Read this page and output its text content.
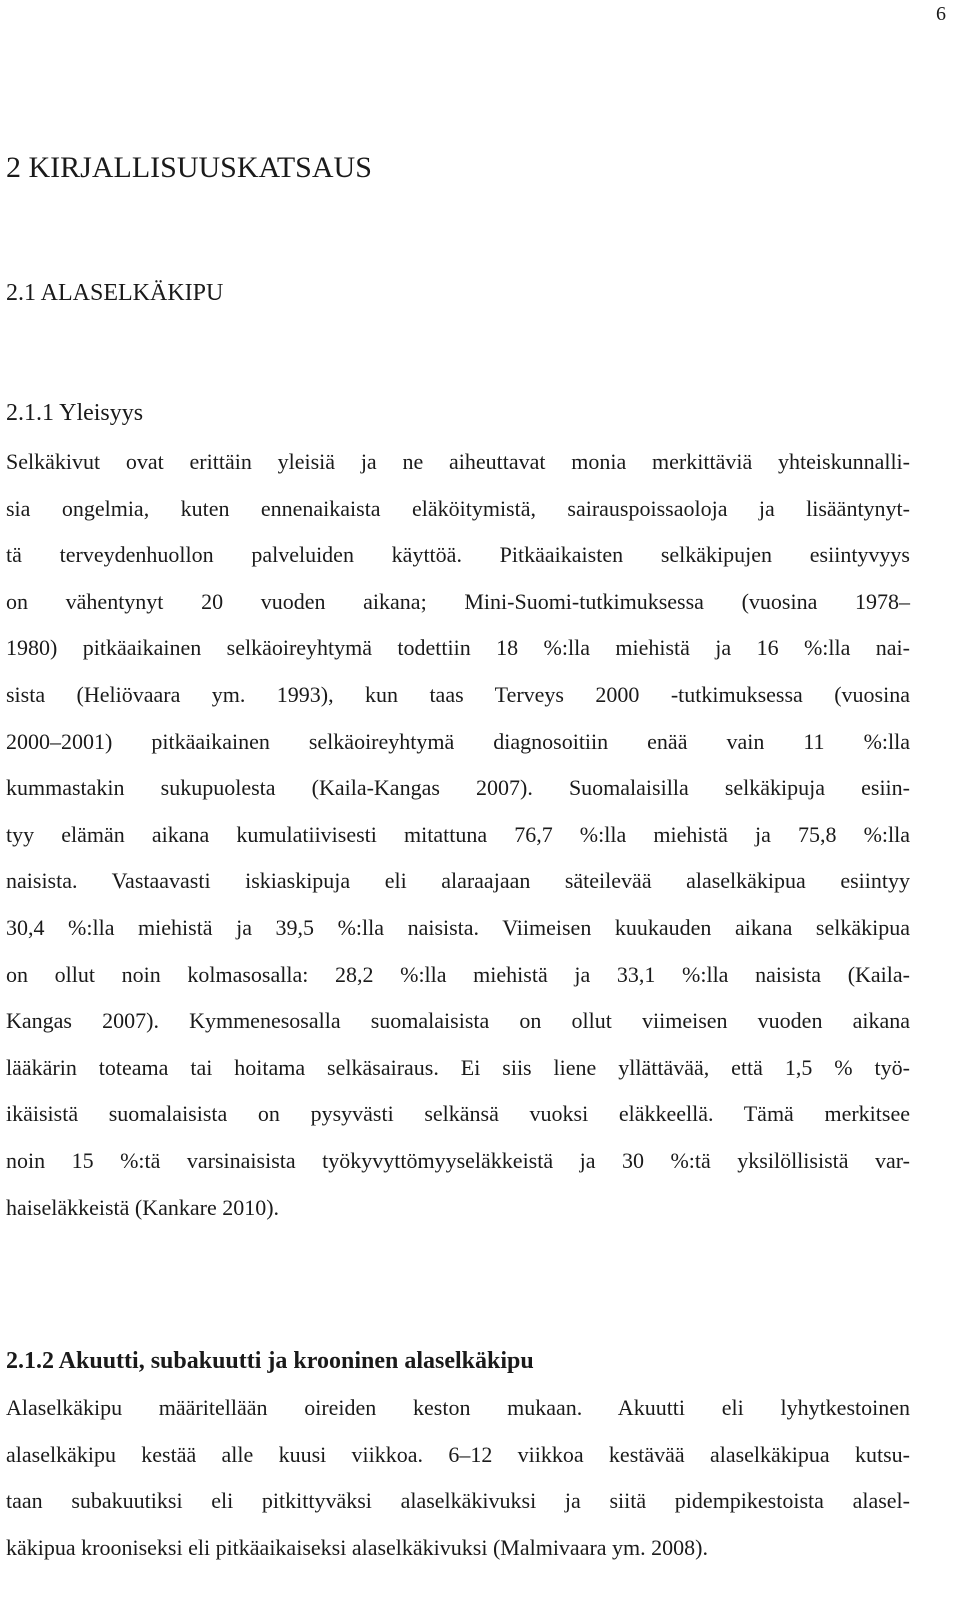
6
2 KIRJALLISUUSKATSAUS
2.1 ALASELKÄKIPU
2.1.1 Yleisyys
Selkäkivut ovat erittäin yleisiä ja ne aiheuttavat monia merkittäviä yhteiskunnalli-
sia ongelmia, kuten ennenaikaista eläköitymistä, sairauspoissaoloja ja lisääntynyt-
tä terveydenhuollon palveluiden käyttöä. Pitkäaikaisten selkäkipujen esiintyvyys
on vähentynyt 20 vuoden aikana; Mini-Suomi-tutkimuksessa (vuosina 1978–
1980) pitkäaikainen selkäoireyhtymä todettiin 18 %:lla miehistä ja 16 %:lla nai-
sista (Heliövaara ym. 1993), kun taas Terveys 2000 -tutkimuksessa (vuosina
2000–2001) pitkäaikainen selkäoireyhtymä diagnosoitiin enää vain 11 %:lla
kummastakin sukupuolesta (Kaila-Kangas 2007). Suomalaisilla selkäkipuja esiin-
tyy elämän aikana kumulatiivisesti mitattuna 76,7 %:lla miehistä ja 75,8 %:lla
naisista. Vastaavasti iskiaskipuja eli alaraajaan säteilevää alaselkäkipua esiintyy
30,4 %:lla miehistä ja 39,5 %:lla naisista. Viimeisen kuukauden aikana selkäkipua
on ollut noin kolmasosalla: 28,2 %:lla miehistä ja 33,1 %:lla naisista (Kaila-
Kangas 2007). Kymmenesosalla suomalaisista on ollut viimeisen vuoden aikana
lääkärin toteama tai hoitama selkäsairaus. Ei siis liene yllättävää, että 1,5 % työ-
ikäisistä suomalaisista on pysyvästi selkänsä vuoksi eläkkeellä. Tämä merkitsee
noin 15 %:tä varsinaisista työkyvyttömyyseläkkeistä ja 30 %:tä yksilöllisistä var-
haiseläkkeistä (Kankare 2010).
2.1.2 Akuutti, subakuutti ja krooninen alaselkäkipu
Alaselkäkipu määritellään oireiden keston mukaan. Akuutti eli lyhytkestoinen
alaselkäkipu kestää alle kuusi viikkoa. 6–12 viikkoa kestävää alaselkäkipua kutsu-
taan subakuutiksi eli pitkittyväksi alaselkäkivuksi ja siitä pidempikestoista alasel-
käkipua krooniseksi eli pitkäaikaiseksi alaselkäkivuksi (Malmivaara ym. 2008).
